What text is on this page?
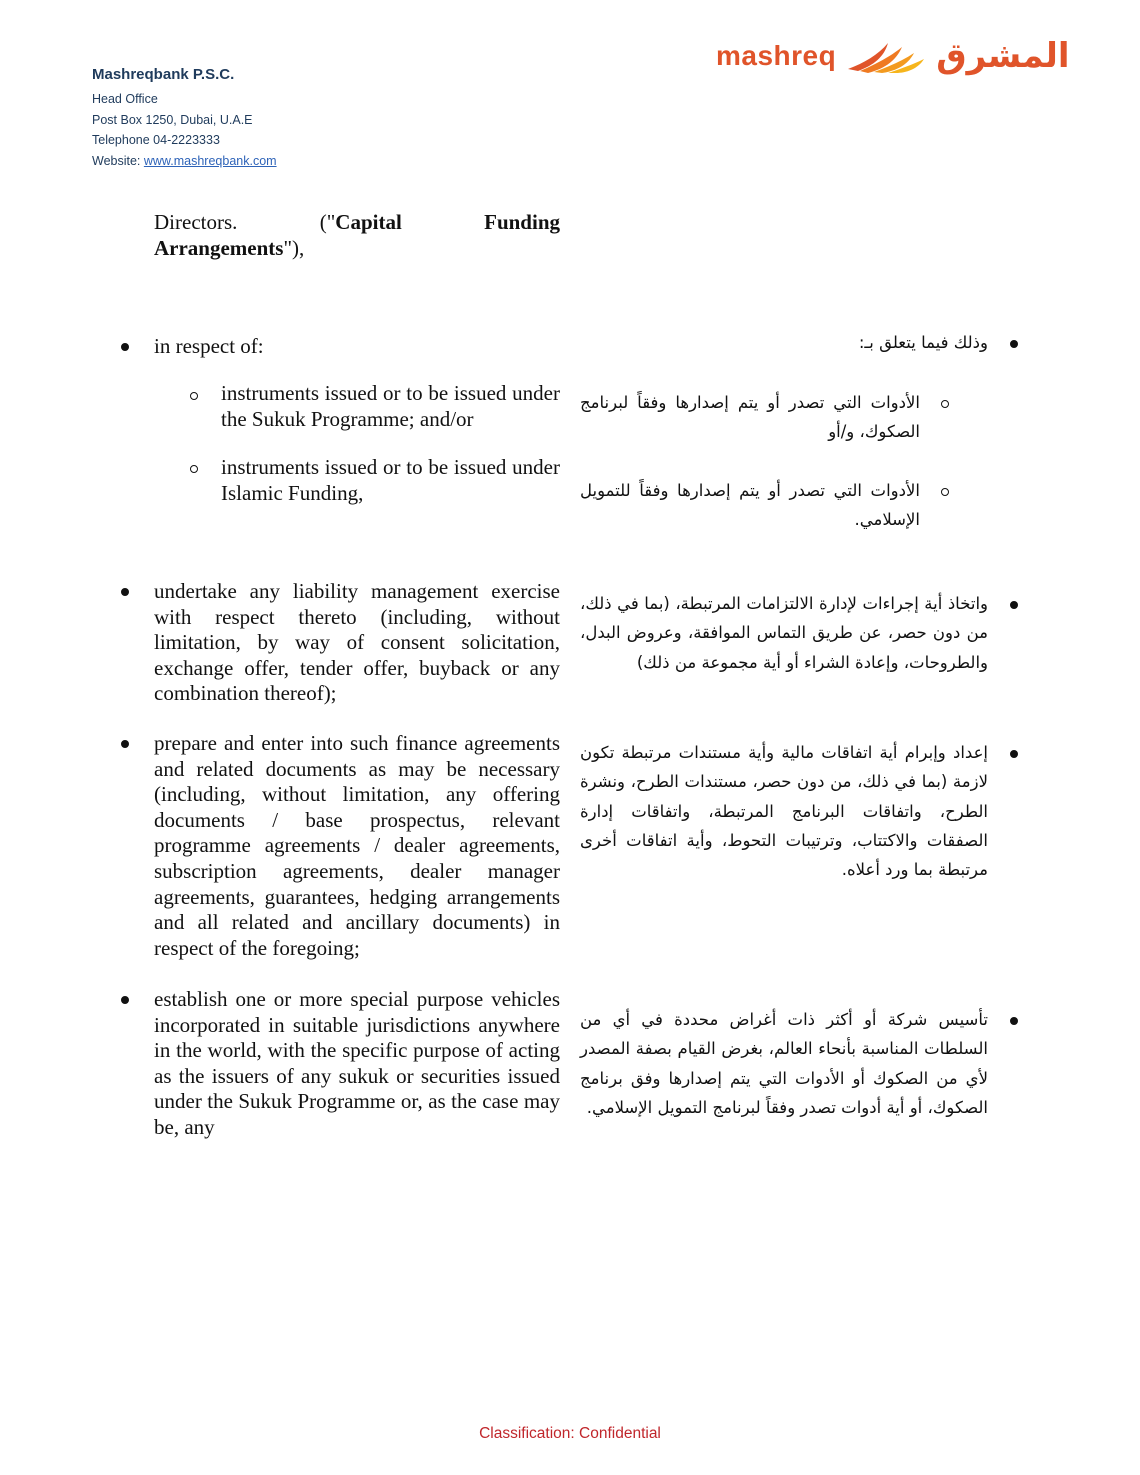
Mashreqbank P.S.C.
Head Office
Post Box 1250, Dubai, U.A.E
Telephone 04-2223333
Website: www.mashreqbank.com
mashreq	المشرق
Directors. ("Capital Funding Arrangements"),
in respect of:	وذلك فيما يتعلق بـ:
instruments issued or to be issued under the Sukuk Programme; and/or
الأدوات التي تصدر أو يتم إصدارها وفقاً لبرنامج الصكوك، و/أو
instruments issued or to be issued under Islamic Funding,	الأدوات التي تصدر أو يتم إصدارها وفقاً للتمويل الإسلامي.
undertake any liability management exercise with respect thereto (including, without limitation, by way of consent solicitation, exchange offer, tender offer, buyback or any combination thereof);
واتخاذ أية إجراءات لإدارة الالتزامات المرتبطة، (بما في ذلك، من دون حصر، عن طريق التماس الموافقة، وعروض البدل، والطروحات، وإعادة الشراء أو أية مجموعة من ذلك)
prepare and enter into such finance agreements and related documents as may be necessary (including, without limitation, any offering documents / base prospectus, relevant programme agreements / dealer agreements, subscription agreements, dealer manager agreements, guarantees, hedging arrangements and all related and ancillary documents) in respect of the foregoing;
إعداد وإبرام أية اتفاقات مالية وأية مستندات مرتبطة تكون لازمة (بما في ذلك، من دون حصر، مستندات الطرح، ونشرة الطرح، واتفاقات البرنامج المرتبطة، واتفاقات إدارة الصفقات والاكتتاب، وترتيبات التحوط، وأية اتفاقات أخرى مرتبطة بما ورد أعلاه.
establish one or more special purpose vehicles incorporated in suitable jurisdictions anywhere in the world, with the specific purpose of acting as the issuers of any sukuk or securities issued under the Sukuk Programme or, as the case may be, any
تأسيس شركة أو أكثر ذات أغراض محددة في أي من السلطات المناسبة بأنحاء العالم، بغرض القيام بصفة المصدر لأي من الصكوك أو الأدوات التي يتم إصدارها وفق برنامج الصكوك، أو أية أدوات تصدر وفقاً لبرنامج التمويل الإسلامي.
Classification: Confidential
